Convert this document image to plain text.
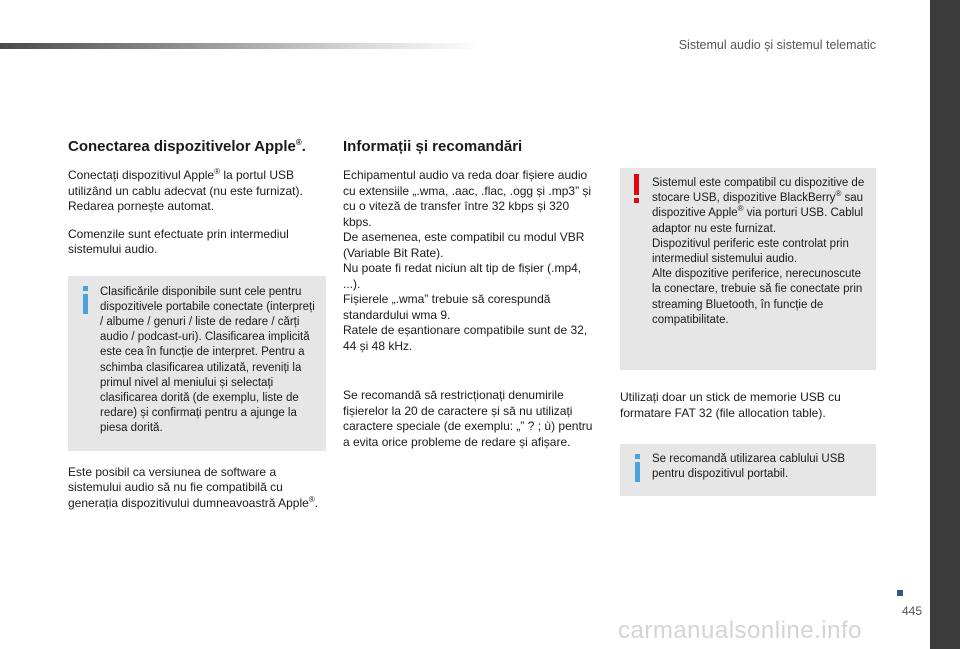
Sistemul audio și sistemul telematic
Conectarea dispozitivelor Apple®.

Conectați dispozitivul Apple® la portul USB utilizând un cablu adecvat (nu este furnizat). Redarea pornește automat.

Comenzile sunt efectuate prin intermediul sistemului audio.

Clasificările disponibile sunt cele pentru dispozitivele portabile conectate (interpreți / albume / genuri / liste de redare / cărți audio / podcast-uri). Clasificarea implicită este cea în funcție de interpret. Pentru a schimba clasificarea utilizată, reveniți la primul nivel al meniului și selectați clasificarea dorită (de exemplu, liste de redare) și confirmați pentru a ajunge la piesa dorită.

Este posibil ca versiunea de software a sistemului audio să nu fie compatibilă cu generația dispozitivului dumneavoastră Apple®.

Informații și recomandări

Echipamentul audio va reda doar fișiere audio cu extensiile „.wma, .aac, .flac, .ogg și .mp3” și cu o viteză de transfer între 32 kbps și 320 kbps.

De asemenea, este compatibil cu modul VBR (Variable Bit Rate).

Nu poate fi redat niciun alt tip de fișier (.mp4, ...).

Fișierele „.wma” trebuie să corespundă standardului wma 9.

Ratele de eșantionare compatibile sunt de 32, 44 și 48 kHz.

Se recomandă să restricționați denumirile fișierelor la 20 de caractere și să nu utilizați caractere speciale (de exemplu: „” ? ; ù) pentru a evita orice probleme de redare și afișare.

Sistemul este compatibil cu dispozitive de stocare USB, dispozitive BlackBerry® sau dispozitive Apple® via porturi USB. Cablul adaptor nu este furnizat.

Dispozitivul periferic este controlat prin intermediul sistemului audio.

Alte dispozitive periferice, nerecunoscute la conectare, trebuie să fie conectate prin streaming Bluetooth, în funcție de compatibilitate.

Utilizați doar un stick de memorie USB cu formatare FAT 32 (file allocation table).

Se recomandă utilizarea cablului USB pentru dispozitivul portabil.
445
carmanualsonline.info
